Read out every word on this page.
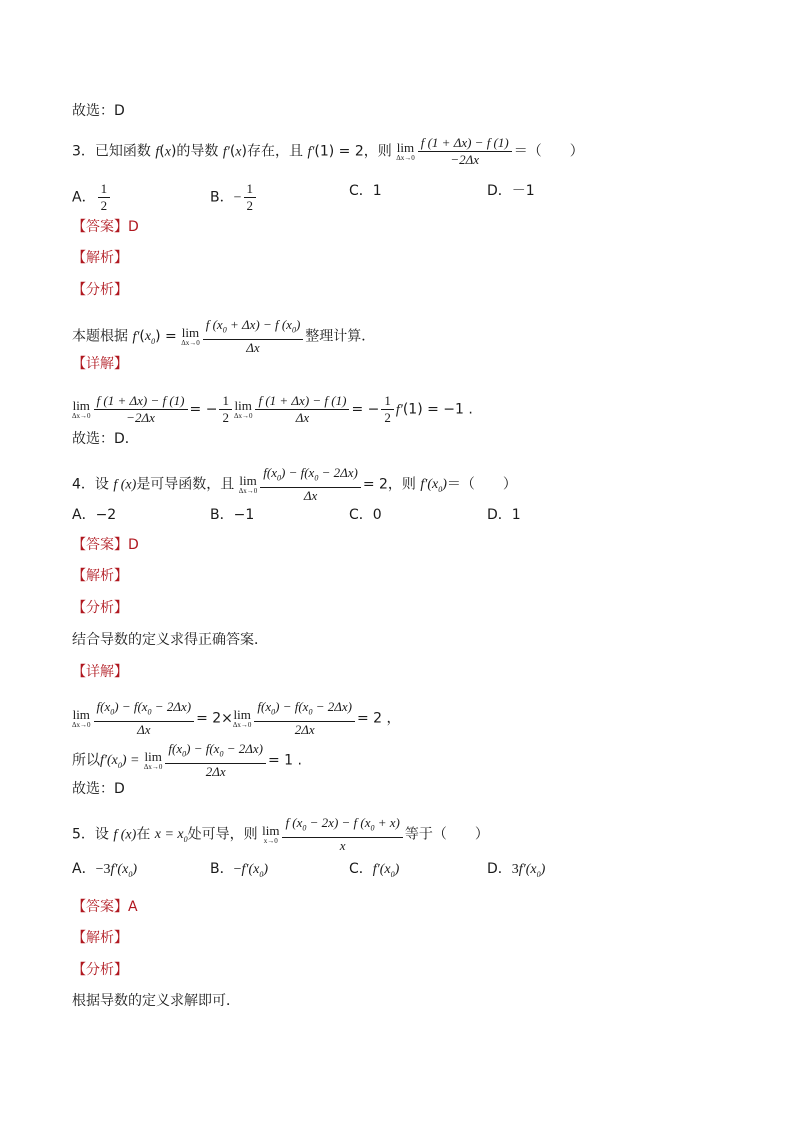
故选：D
3．已知函数 f(x)的导数 f′(x)存在，且 f′(1) = 2，则 lim
$\Delta x\to 0 \frac{f (1 + \Delta x) - f (1)}{-2\Delta x}$ ＝（　　）
A． $\frac{1}{2}$	B．− $\frac{1}{2}$	C．1	D．－1
【答案】D
【解析】
【分析】
本题根据 $f'(x_0) = \lim$
$\Delta x\to 0 \frac{f (x_0 + \Delta x) - f (x_0)}{\Delta x}$ 整理计算．
【详解】
lim
$\Delta x\to 0 \frac{f (1 + \Delta x) - f (1)}{-2\Delta x}$ = − $\frac{1}{2}$ lim
$\Delta x\to 0 \frac{f (1 + \Delta x) - f (1)}{\Delta x}$ = − $\frac{1}{2} f'(1) = -1$ .
故选：D．
4．设 f (x)是可导函数，且 lim
$\Delta x\to 0 \frac{f(x_0) - f(x_0 - 2\Delta x)}{\Delta x} = 2$，则 $f'(x_0)=$（　　）
A．−2	B．−1	C．0	D．1
【答案】D
【解析】
【分析】
结合导数的定义求得正确答案．
【详解】
lim
$\Delta x\to 0 \frac{f(x_0) - f(x_0 - 2\Delta x)}{\Delta x} = 2\times \lim$
$\Delta x\to 0 \frac{f(x_0) - f(x_0 - 2\Delta x)}{2\Delta x} = 2$ ，
所以$f'(x_0) = \lim$
$\Delta x\to 0 \frac{f(x_0) - f(x_0 - 2\Delta x)}{2\Delta x} = 1$ .
故选：D
5．设 f (x)在 $x = x_0$处可导，则 lim
$x\to 0 \frac{f (x_0 - 2x) - f (x_0 + x)}{x}$ 等于（　　）
A．$-3f'(x_0)$	B．$-f'(x_0)$	C．$f'(x_0)$	D．$3f'(x_0)$
【答案】A
【解析】
【分析】
根据导数的定义求解即可．
